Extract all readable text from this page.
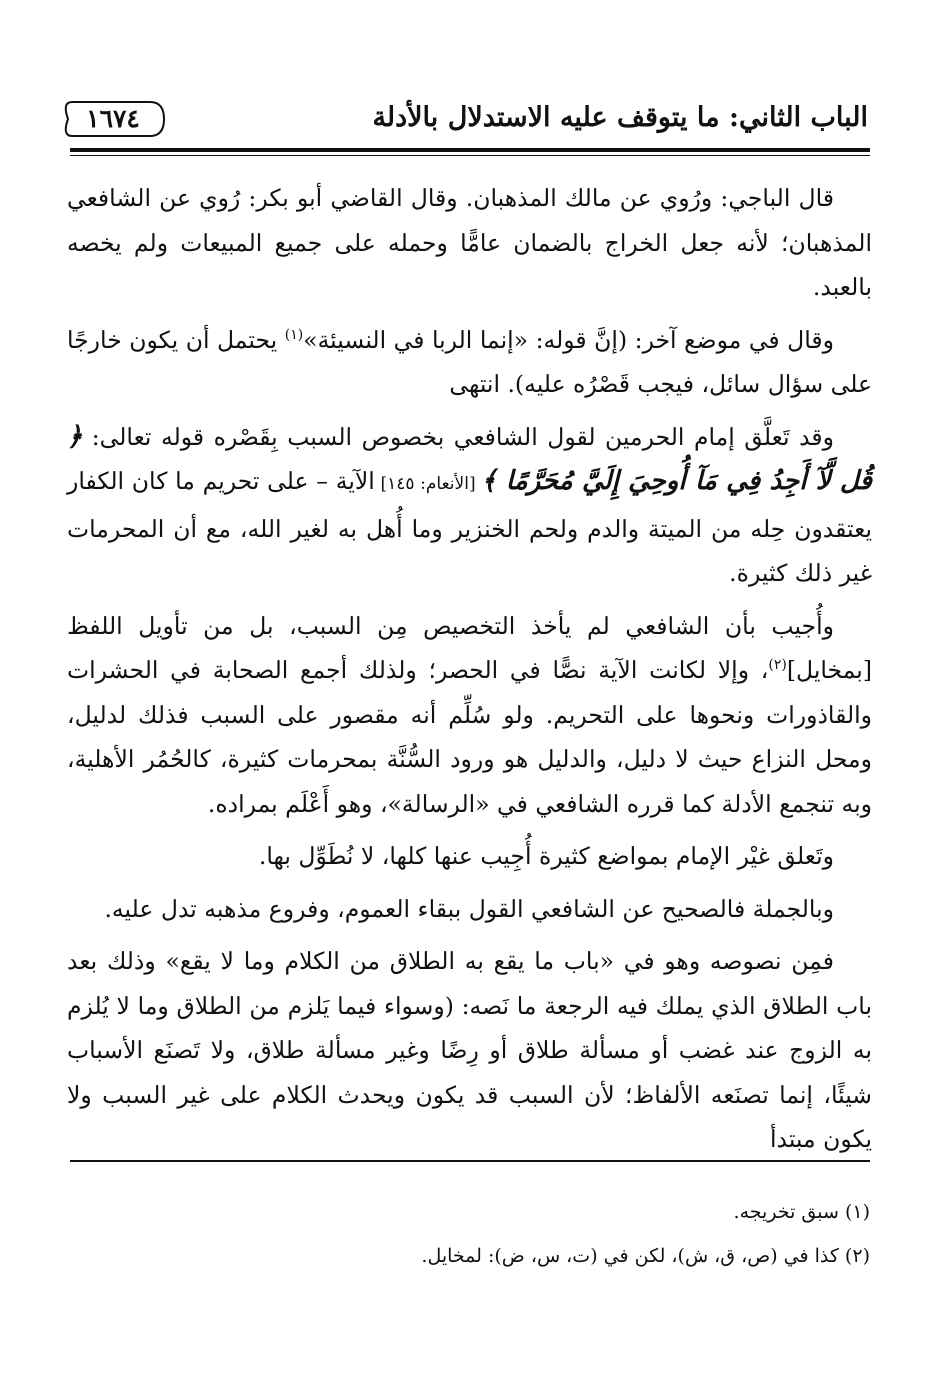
الباب الثاني: ما يتوقف عليه الاستدلال بالأدلة
١٦٧٤

قال الباجي: ورُوي عن مالك المذهبان. وقال القاضي أبو بكر: رُوي عن الشافعي المذهبان؛ لأنه جعل الخراج بالضمان عامًّا وحمله على جميع المبيعات ولم يخصه بالعبد.

وقال في موضع آخر: (إنَّ قوله: «إنما الربا في النسيئة»$^{(١)}$ يحتمل أن يكون خارجًا على سؤال سائل، فيجب قَصْرُه عليه). انتهى

وقد تَعلَّق إمام الحرمين لقول الشافعي بخصوص السبب بِقَصْره قوله تعالى: ﴿ قُل لَّآ أَجِدُ فِي مَآ أُوحِيَ إِلَيَّ مُحَرَّمًا ﴾ [الأنعام: ١٤٥] الآية – على تحريم ما كان الكفار يعتقدون حِله من الميتة والدم ولحم الخنزير وما أُهل به لغير الله، مع أن المحرمات غير ذلك كثيرة.

وأُجيب بأن الشافعي لم يأخذ التخصيص مِن السبب، بل من تأويل اللفظ [بمخايل]$^{(٢)}$، وإلا لكانت الآية نصًّا في الحصر؛ ولذلك أجمع الصحابة في الحشرات والقاذورات ونحوها على التحريم. ولو سُلِّم أنه مقصور على السبب فذلك لدليل، ومحل النزاع حيث لا دليل، والدليل هو ورود السُّنَّة بمحرمات كثيرة، كالحُمُر الأهلية، وبه تنجمع الأدلة كما قرره الشافعي في «الرسالة»، وهو أَعْلَم بمراده.

وتَعلق غيْر الإمام بمواضع كثيرة أُجِيب عنها كلها، لا نُطَوِّل بها.

وبالجملة فالصحيح عن الشافعي القول ببقاء العموم، وفروع مذهبه تدل عليه.

فمِن نصوصه وهو في «باب ما يقع به الطلاق من الكلام وما لا يقع» وذلك بعد باب الطلاق الذي يملك فيه الرجعة ما نَصه: (وسواء فيما يَلزم من الطلاق وما لا يُلزم به الزوج عند غضب أو مسألة طلاق أو رِضًا وغير مسألة طلاق، ولا تَصنَع الأسباب شيئًا، إنما تصنَعه الألفاظ؛ لأن السبب قد يكون ويحدث الكلام على غير السبب ولا يكون مبتدأ

(١) سبق تخريجه.

(٢) كذا في (ص، ق، ش)، لكن في (ت، س، ض): لمخايل.
